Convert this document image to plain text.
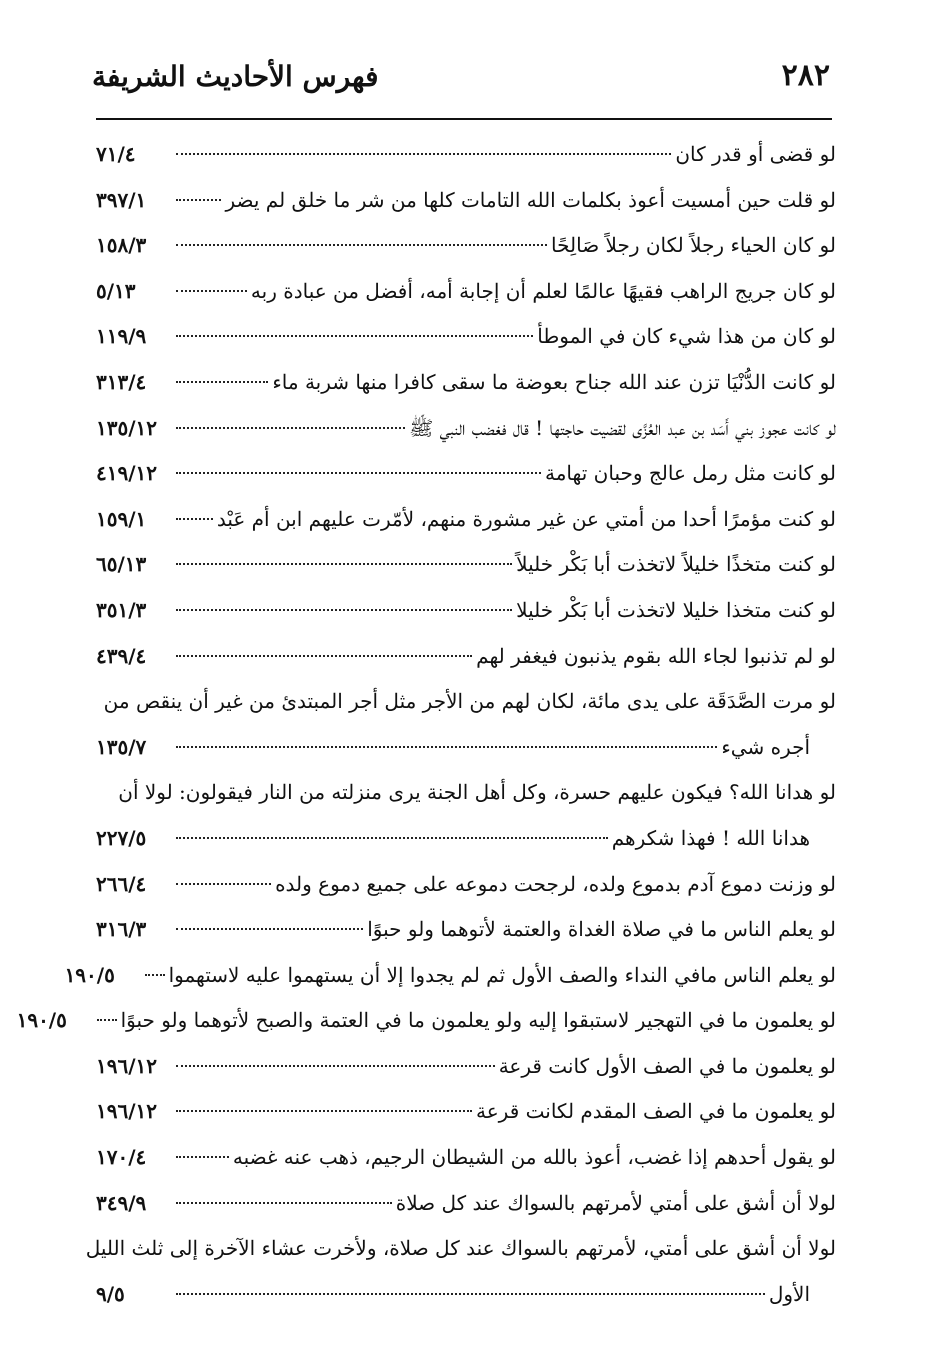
٢٨٢
فهرس الأحاديث الشريفة
لو قضى أو قدر كان
٧١/٤
لو قلت حين أمسيت أعوذ بكلمات الله التامات كلها من شر ما خلق لم يضر
٣٩٧/١
لو كان الحياء رجلاً لكان رجلاً صَالِحًا
١٥٨/٣
لو كان جريج الراهب فقيهًا عالمًا لعلم أن إجابة أمه، أفضل من عبادة ربه
٥/١٣
لو كان من هذا شيء كان في الموطأ
١١٩/٩
لو كانت الدُّنْيَا تزن عند الله جناح بعوضة ما سقى كافرا منها شربة ماء
٣١٣/٤
لو كانت عجوز بني أَسَد بن عبد العُزَّى لقضيت حاجتها ! قال فغضب النبي ﷺ
١٣٥/١٢
لو كانت مثل رمل عالج وحبان تهامة
٤١٩/١٢
لو كنت مؤمرًا أحدا من أمتي عن غير مشورة منهم، لأمّرت عليهم ابن أم عَبْد
١٥٩/١
لو كنت متخذًا خليلاً لاتخذت أبا بَكْر خليلاً
٦٥/١٣
لو كنت متخذا خليلا لاتخذت أبا بَكْر خليلا
٣٥١/٣
لو لم تذنبوا لجاء الله بقوم يذنبون فيغفر لهم
٤٣٩/٤
لو مرت الصَّدَقَة على يدى مائة، لكان لهم من الأجر مثل أجر المبتدئ من غير أن ينقص من
أجره شيء
١٣٥/٧
لو هدانا الله؟ فيكون عليهم حسرة، وكل أهل الجنة يرى منزلته من النار فيقولون: لولا أن
هدانا الله ! فهذا شكرهم
٢٢٧/٥
لو وزنت دموع آدم بدموع ولده، لرجحت دموعه على جميع دموع ولده
٢٦٦/٤
لو يعلم الناس ما في صلاة الغداة والعتمة لأتوهما ولو حبوًا
٣١٦/٣
لو يعلم الناس مافي النداء والصف الأول ثم لم يجدوا إلا أن يستهموا عليه لاستهموا
١٩٠/٥
لو يعلمون ما في التهجير لاستبقوا إليه ولو يعلمون ما في العتمة والصبح لأتوهما ولو حبوًا
١٩٠/٥
لو يعلمون ما في الصف الأول كانت قرعة
١٩٦/١٢
لو يعلمون ما في الصف المقدم لكانت قرعة
١٩٦/١٢
لو يقول أحدهم إذا غضب، أعوذ بالله من الشيطان الرجيم، ذهب عنه غضبه
١٧٠/٤
لولا أن أشق على أمتي لأمرتهم بالسواك عند كل صلاة
٣٤٩/٩
لولا أن أشق على أمتي، لأمرتهم بالسواك عند كل صلاة، ولأخرت عشاء الآخرة إلى ثلث الليل
الأول
٩/٥
